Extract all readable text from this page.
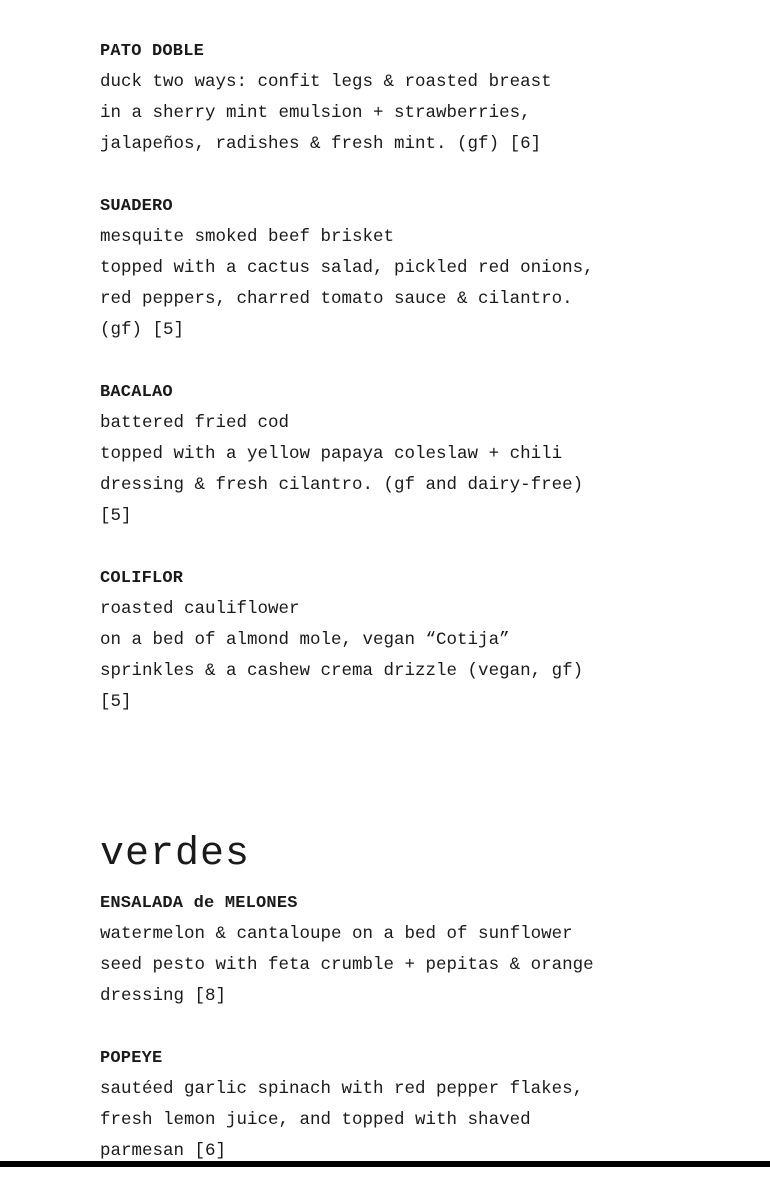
PATO DOBLE
duck two ways: confit legs & roasted breast
in a sherry mint emulsion + strawberries,
jalapeños, radishes & fresh mint. (gf) [6]
SUADERO
mesquite smoked beef brisket
topped with a cactus salad, pickled red onions,
red peppers, charred tomato sauce & cilantro.
(gf) [5]
BACALAO
battered fried cod
topped with a yellow papaya coleslaw + chili
dressing & fresh cilantro. (gf and dairy-free)
[5]
COLIFLOR
roasted cauliflower
on a bed of almond mole, vegan “Cotija”
sprinkles & a cashew crema drizzle (vegan, gf)
[5]
verdes
ENSALADA de MELONES
watermelon & cantaloupe on a bed of sunflower
seed pesto with feta crumble + pepitas & orange
dressing [8]
POPEYE
sautéed garlic spinach with red pepper flakes,
fresh lemon juice, and topped with shaved
parmesan [6]
